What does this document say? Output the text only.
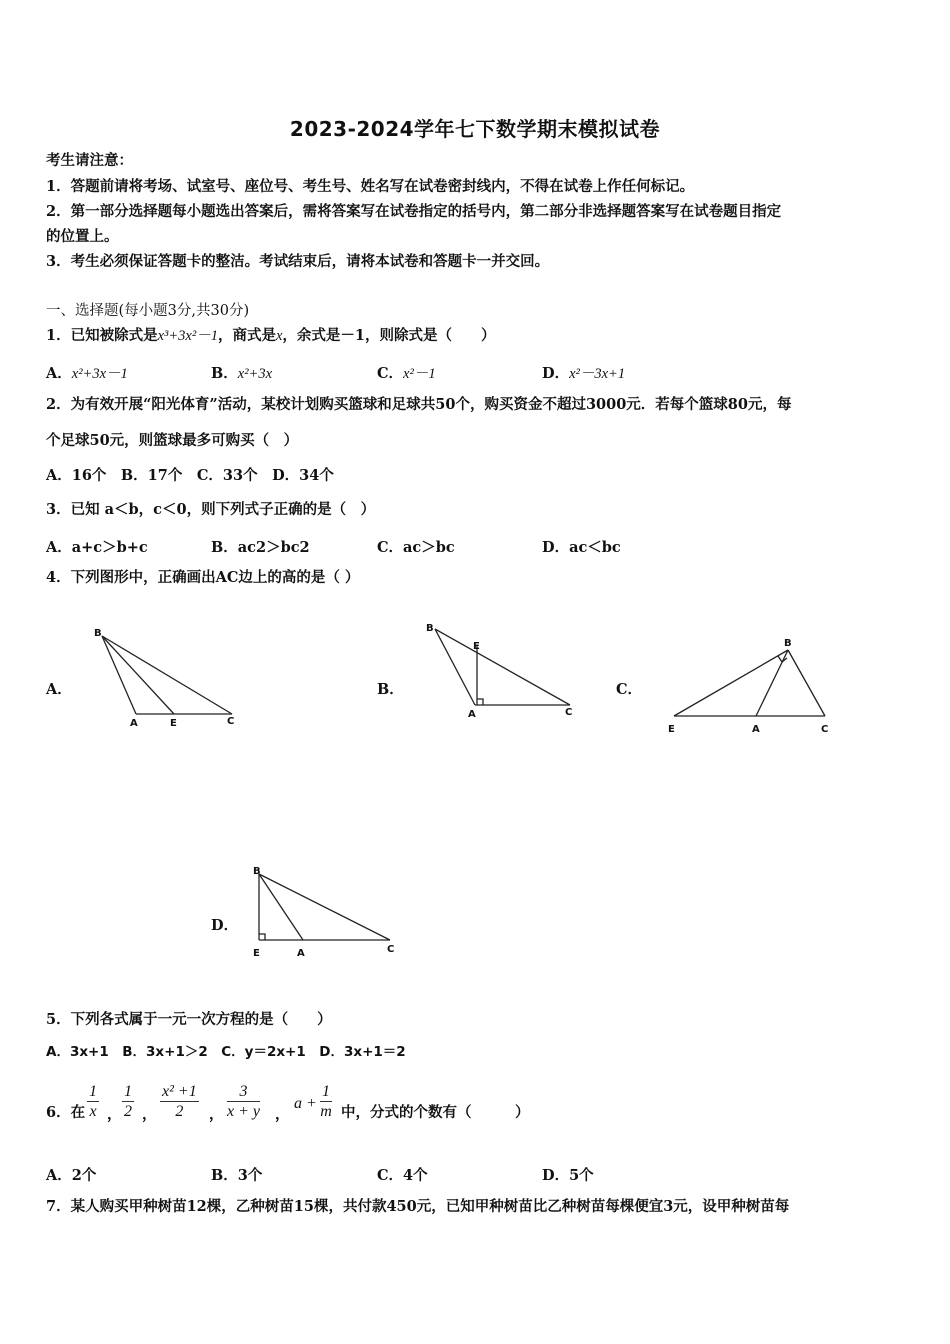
2023-2024学年七下数学期末模拟试卷
考生请注意：
1．答题前请将考场、试室号、座位号、考生号、姓名写在试卷密封线内，不得在试卷上作任何标记。
2．第一部分选择题每小题选出答案后，需将答案写在试卷指定的括号内，第二部分非选择题答案写在试卷题目指定
的位置上。
3．考生必须保证答题卡的整洁。考试结束后，请将本试卷和答题卡一并交回。
一、选择题(每小题3分,共30分)
1．已知被除式是x³+3x²－1，商式是x，余式是－1，则除式是（　　）
A．x²+3x－1	B．x²+3x	C．x²－1	D．x²－3x+1
2．为有效开展“阳光体育”活动，某校计划购买篮球和足球共50个，购买资金不超过3000元．若每个篮球80元，每
个足球50元，则篮球最多可购买（　）
A．16个　B．17个　C．33个　D．34个
3．已知 a＜b，c＜0，则下列式子正确的是（　）
A．a+c＞b+c	B．ac2＞bc2	C．ac＞bc	D．ac＜bc
4．下列图形中，正确画出AC边上的高的是（ ）
A．
B
A	E	C
B．
B
E
A	C
C．
B
E	A	C
D．
B
E	A	C
5．下列各式属于一元一次方程的是（　　）
A．3x+1　B．3x+1＞2　C．y＝2x+1　D．3x+1＝2
6．在 $\frac{1}{x}$ ， $\frac{1}{2}$ ， $\frac{\text{x² +1}}{2}$ ， $\frac{3}{x + y}$ ，
$a + \frac{1}{m}$ 中，分式的个数有（　　　）
A．2个	B．3个	C．4个	D．5个
7．某人购买甲种树苗12棵，乙种树苗15棵，共付款450元，已知甲种树苗比乙种树苗每棵便宜3元，设甲种树苗每
